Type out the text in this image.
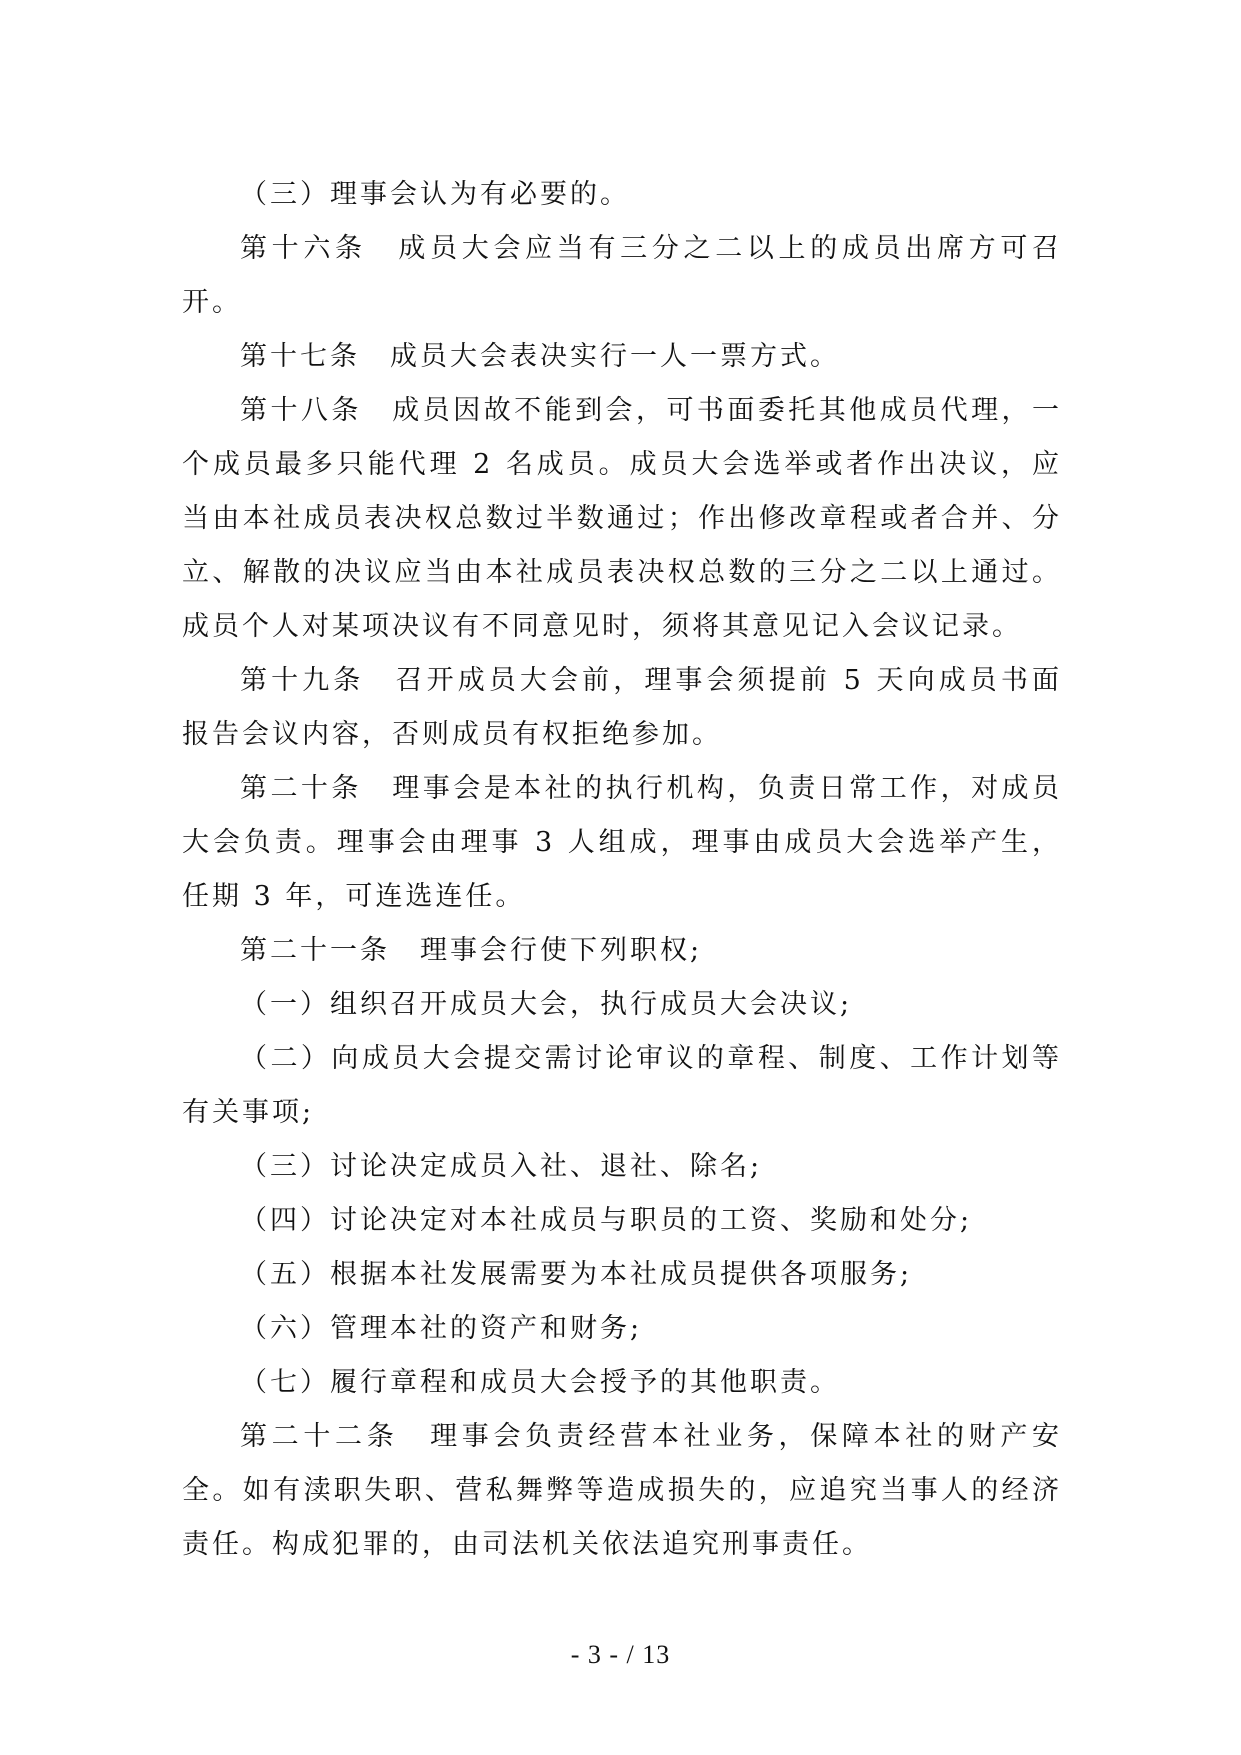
（三）理事会认为有必要的。

第十六条　成员大会应当有三分之二以上的成员出席方可召开。

第十七条　成员大会表决实行一人一票方式。

第十八条　成员因故不能到会，可书面委托其他成员代理，一个成员最多只能代理 2 名成员。成员大会选举或者作出决议，应当由本社成员表决权总数过半数通过；作出修改章程或者合并、分立、解散的决议应当由本社成员表决权总数的三分之二以上通过。成员个人对某项决议有不同意见时，须将其意见记入会议记录。

第十九条　召开成员大会前，理事会须提前 5 天向成员书面报告会议内容，否则成员有权拒绝参加。

第二十条　理事会是本社的执行机构，负责日常工作，对成员大会负责。理事会由理事 3 人组成，理事由成员大会选举产生，任期 3 年，可连选连任。

第二十一条　理事会行使下列职权;

（一）组织召开成员大会，执行成员大会决议;

（二）向成员大会提交需讨论审议的章程、制度、工作计划等有关事项;

（三）讨论决定成员入社、退社、除名;

（四）讨论决定对本社成员与职员的工资、奖励和处分;

（五）根据本社发展需要为本社成员提供各项服务;

（六）管理本社的资产和财务;

（七）履行章程和成员大会授予的其他职责。

第二十二条　理事会负责经营本社业务，保障本社的财产安全。如有渎职失职、营私舞弊等造成损失的，应追究当事人的经济责任。构成犯罪的，由司法机关依法追究刑事责任。

- 3 - / 13
